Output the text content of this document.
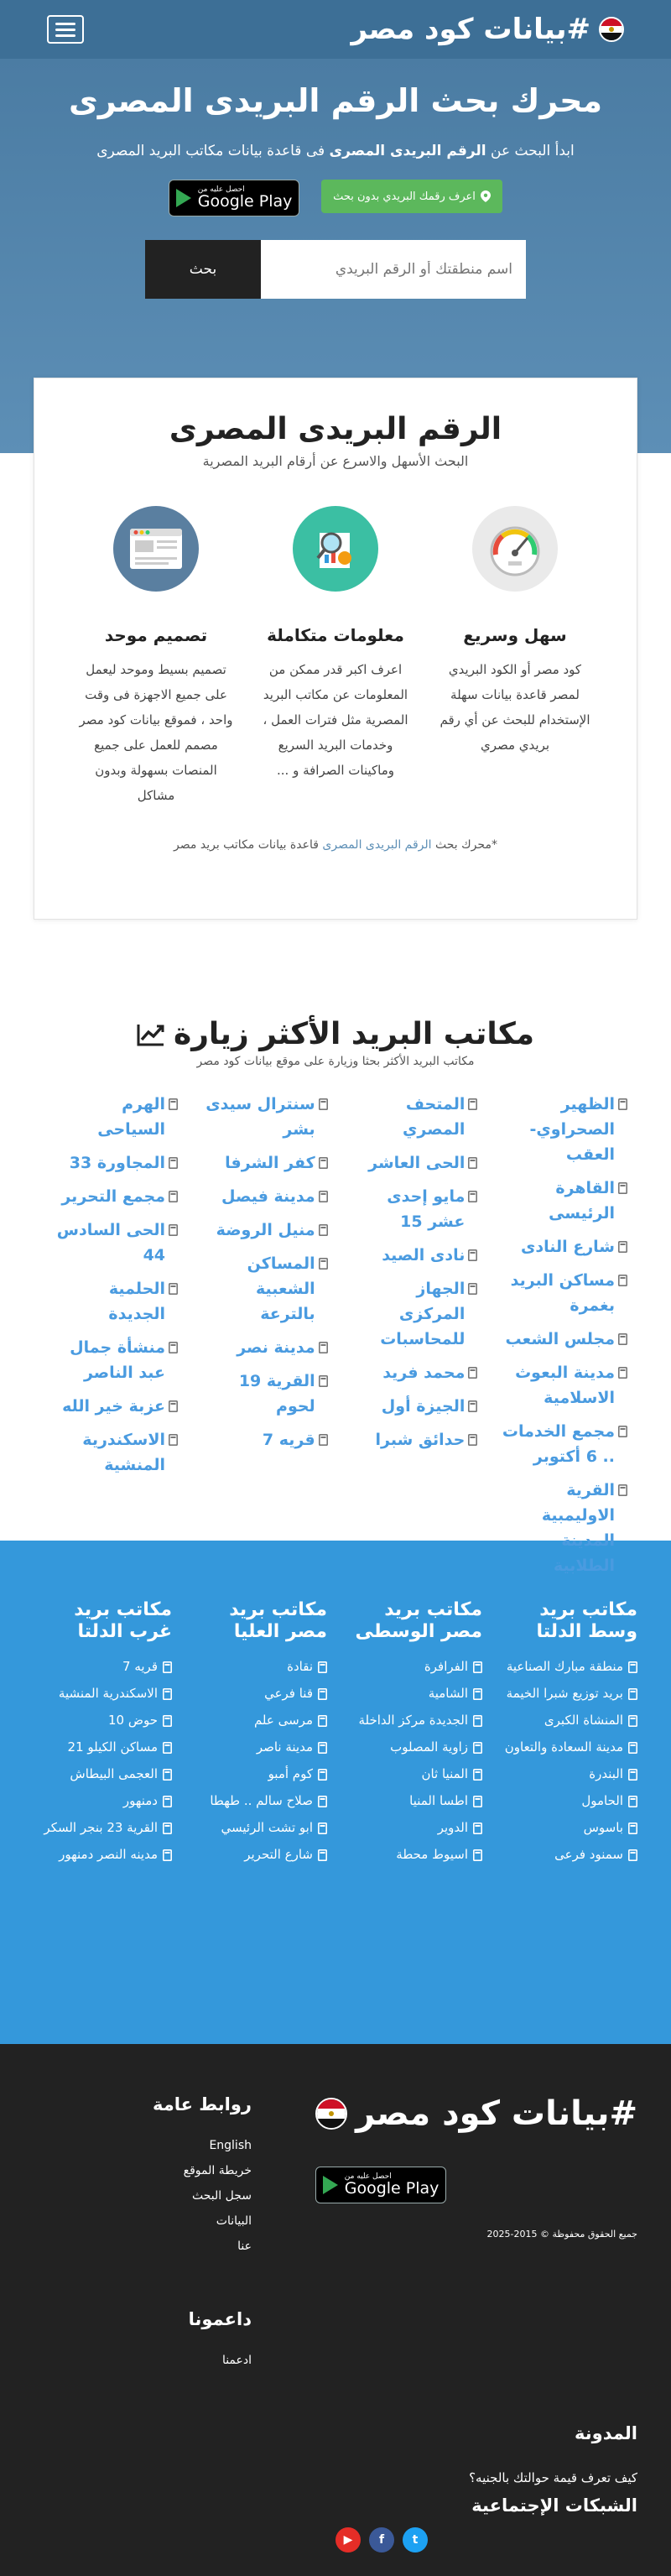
#بيانات كود مصر
محرك بحث الرقم البريدى المصرى

ابدأ البحث عن الرقم البريدى المصرى فى قاعدة بيانات مكاتب البريد المصرى

اعرف رقمك البريدي بدون بحث
احصل عليه من
Google Play
اسم منطقتك أو الرقم البريدي
بحث
الرقم البريدى المصرى

البحث الأسهل والاسرع عن أرقام البريد المصرية

سهل وسريع

كود مصر أو الكود البريدي لمصر قاعدة بيانات سهلة الإستخدام للبحث عن أي رقم بريدي مصري

معلومات متكاملة

اعرف اكبر قدر ممكن من المعلومات عن مكاتب البريد المصرية مثل فترات العمل ، وخدمات البريد السريع وماكينات الصرافة و ...

تصميم موحد

تصميم بسيط وموحد ليعمل على جميع الاجهزة فى وقت واحد ، فموقع بيانات كود مصر مصمم للعمل على جميع المنصات بسهولة وبدون مشاكل

*محرك بحث الرقم البريدى المصرى قاعدة بيانات مكاتب بريد مصر

مكاتب البريد الأكثر زيارة

مكاتب البريد الأكثر بحثا وزيارة على موقع بيانات كود مصر

الظهير الصحراوي- العقب
القاهرة الرئيسى
شارع النادى
مساكن البريد بغمرة
مجلس الشعب
مدينة البعوث الاسلامية
مجمع الخدمات .. 6 أكتوبر
القرية الاوليمبية المدينة الطلابية
المتحف المصري
الحى العاشر
مايو إحدى عشر 15
نادى الصيد
الجهاز المركزى للمحاسبات
محمد فريد
الجيزة أول
حدائق شبرا
سنترال سيدى بشر
كفر الشرفا
مدينة فيصل
منيل الروضة
المساكن الشعبية بالترعة
مدينة نصر
القرية 19 لحوم
قريه 7
الهرم السياحى
المجاورة 33
مجمع التحرير
الحى السادس 44
الحلمية الجديدة
منشأة جمال عبد الناصر
عزبة خير الله
الاسكندرية المنشية
مكاتب بريد وسط الدلتا
منطقة مبارك الصناعية
بريد توزيع شبرا الخيمة
المنشاة الكبرى
مدينة السعادة والتعاون
البندرة
الحامول
باسوس
سمنود فرعى
مكاتب بريد مصر الوسطى
الفرافرة
الشامية
الجديدة مركز الداخلة
زاوية المصلوب
المنيا ثان
اطسا المنيا
الدوير
اسيوط محطة
مكاتب بريد مصر العليا
نقادة
قنا فرعي
مرسى علم
مدينة ناصر
كوم أمبو
صلاح سالم .. طهطا
ابو تشت الرئيسي
شارع التحرير
مكاتب بريد غرب الدلتا
قريه 7
الاسكندرية المنشية
حوض 10
مساكن الكيلو 21
العجمى البيطاش
دمنهور
القرية 23 بنجر السكر
مدينه النصر دمنهور
#بيانات كود مصر
احصل عليه من
Google Play

جميع الحقوق محفوظة © 2015-2025

روابط عامة
English
خريطة الموقع
سجل البحث
البيانات
عنا
داعمونا
ادعمنا
المدونة
كيف تعرف قيمة حوالتك بالجنيه؟
الشبكات الإجتماعية
▶	f	t
